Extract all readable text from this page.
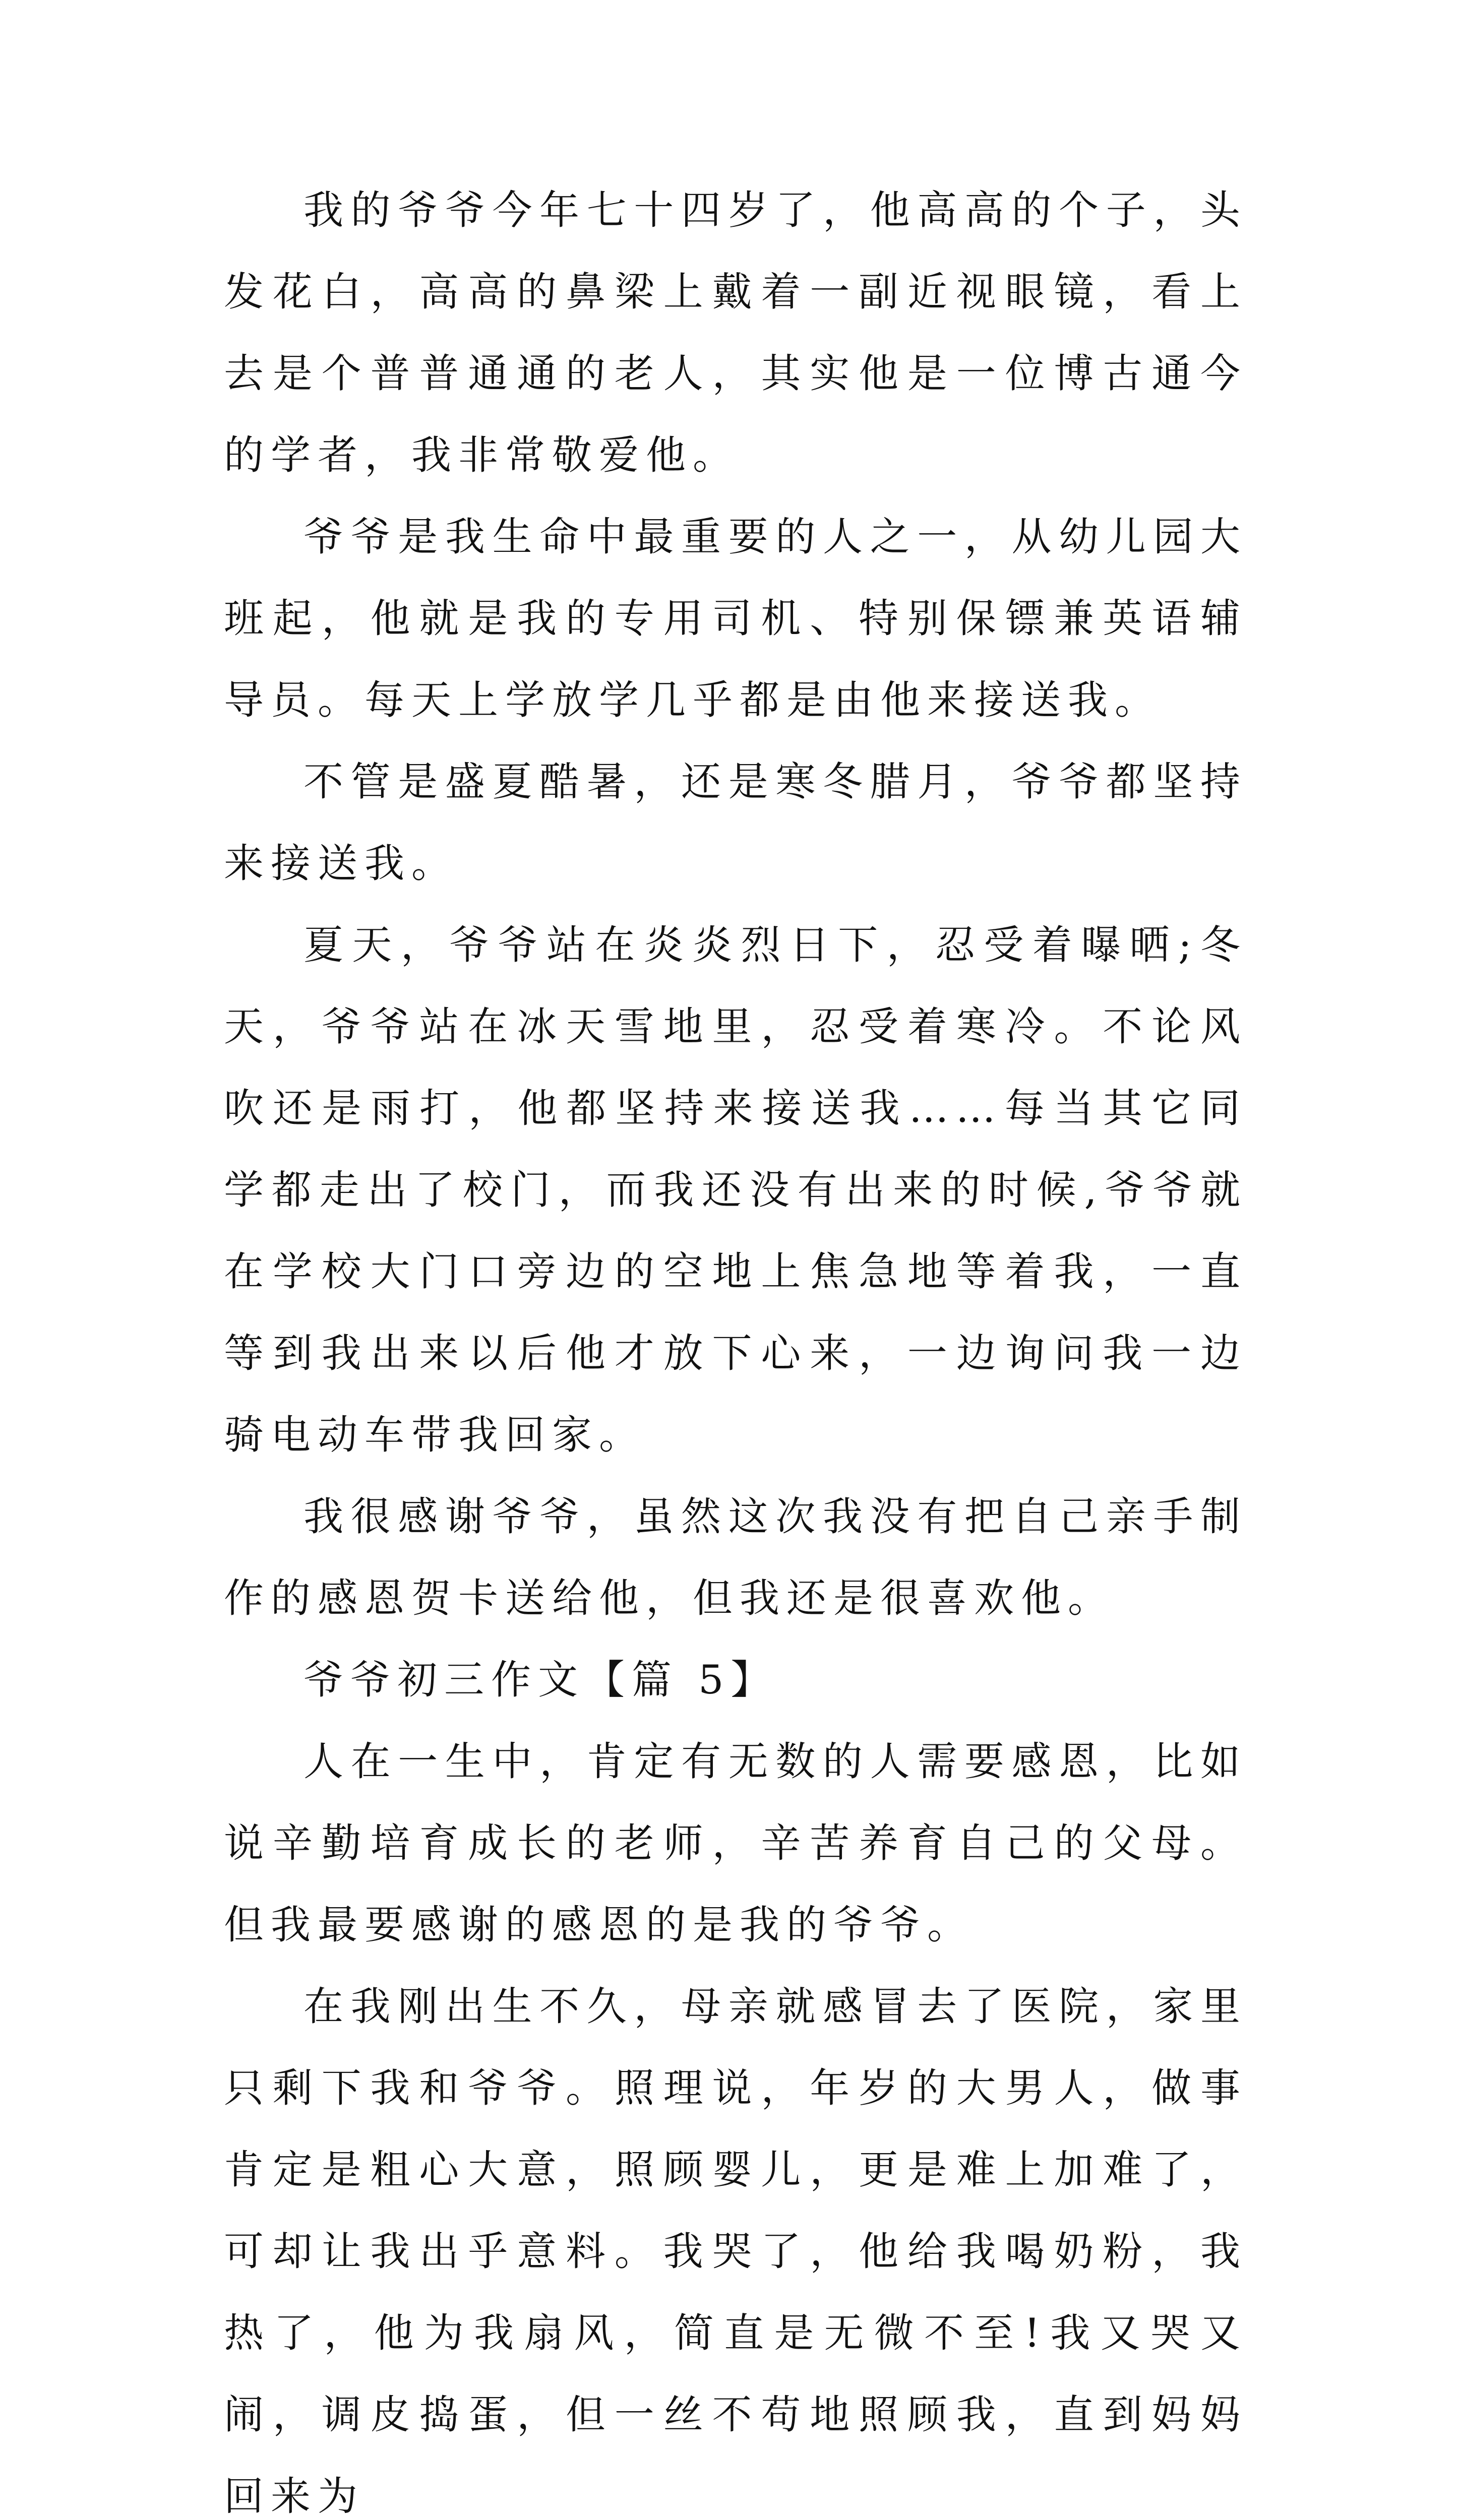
我的爷爷今年七十四岁了，他高高的个子，头发花白，高高的鼻梁上戴着一副近视眼镜，看上去是个普普通通的老人，其实他是一位博古通今的学者，我非常敬爱他。

爷爷是我生命中最重要的人之一，从幼儿园大班起，他就是我的专用司机、特别保镖兼英语辅导员。每天上学放学几乎都是由他来接送我。

不管是盛夏酷暑，还是寒冬腊月，爷爷都坚持来接送我。

夏天，爷爷站在炎炎烈日下，忍受着曝晒;冬天，爷爷站在冰天雪地里，忍受着寒冷。不论风吹还是雨打，他都坚持来接送我……每当其它同学都走出了校门，而我还没有出来的时候,爷爷就在学校大门口旁边的空地上焦急地等着我，一直等到我出来以后他才放下心来，一边询问我一边骑电动车带我回家。

我很感谢爷爷，虽然这次我没有把自己亲手制作的感恩贺卡送给他，但我还是很喜欢他。

爷爷初三作文【篇 5】

人在一生中，肯定有无数的人需要感恩，比如说辛勤培育成长的老师，辛苦养育自己的父母。但我最要感谢的感恩的是我的爷爷。

在我刚出生不久，母亲就感冒去了医院，家里只剩下我和爷爷。照理说，年岁的大男人，做事肯定是粗心大意，照顾婴儿，更是难上加难了，可却让我出乎意料。我哭了，他给我喝奶粉，我热了，他为我扇风，简直是无微不至!我又哭又闹，调皮捣蛋，但一丝不苟地照顾我，直到妈妈回来为
